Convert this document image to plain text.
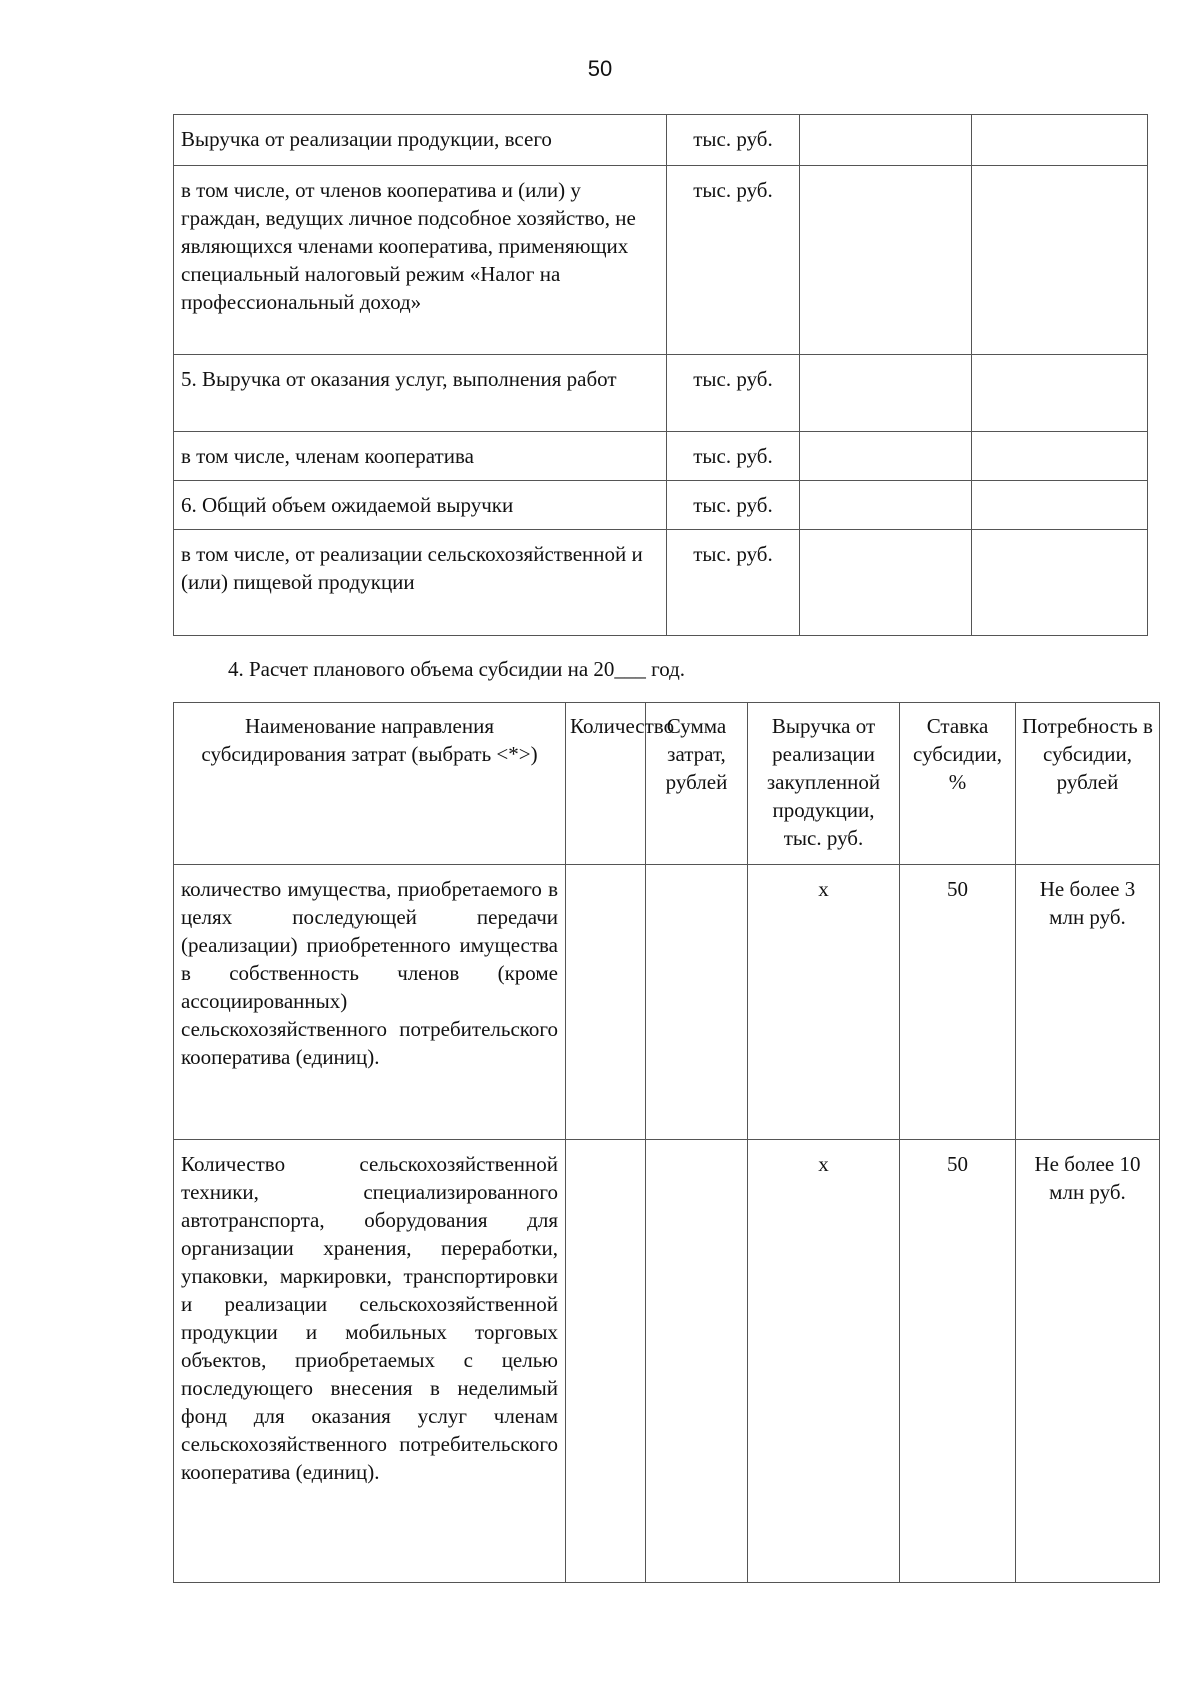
50
Выручка от реализации продукции, всего	тыс. руб.		
в том числе, от членов кооператива и (или) у граждан, ведущих личное подсобное хозяйство, не являющихся членами кооператива, применяющих специальный налоговый режим «Налог на профессиональный доход»	тыс. руб.		
5. Выручка от оказания услуг, выполнения работ	тыс. руб.		
в том числе, членам кооператива	тыс. руб.		
6. Общий объем ожидаемой выручки	тыс. руб.		
в том числе, от реализации сельскохозяйственной и (или) пищевой продукции	тыс. руб.		
4. Расчет планового объема субсидии на 20___ год.
Наименование направления субсидирования затрат (выбрать <*>)	Количество	Сумма затрат, рублей	Выручка от реализации закупленной продукции, тыс. руб.	Ставка субсидии, %	Потребность в субсидии, рублей
количество имущества, приобретаемого в целях последующей передачи (реализации) приобретенного имущества в собственность членов (кроме ассоциированных) сельскохозяйственного потребительского кооператива (единиц).			х	50	Не более 3 млн руб.
Количество сельскохозяйственной техники, специализированного автотранспорта, оборудования для организации хранения, переработки, упаковки, маркировки, транспортировки и реализации сельскохозяйственной продукции и мобильных торговых объектов, приобретаемых с целью последующего внесения в неделимый фонд для оказания услуг членам сельскохозяйственного потребительского кооператива (единиц).			х	50	Не более 10 млн руб.
